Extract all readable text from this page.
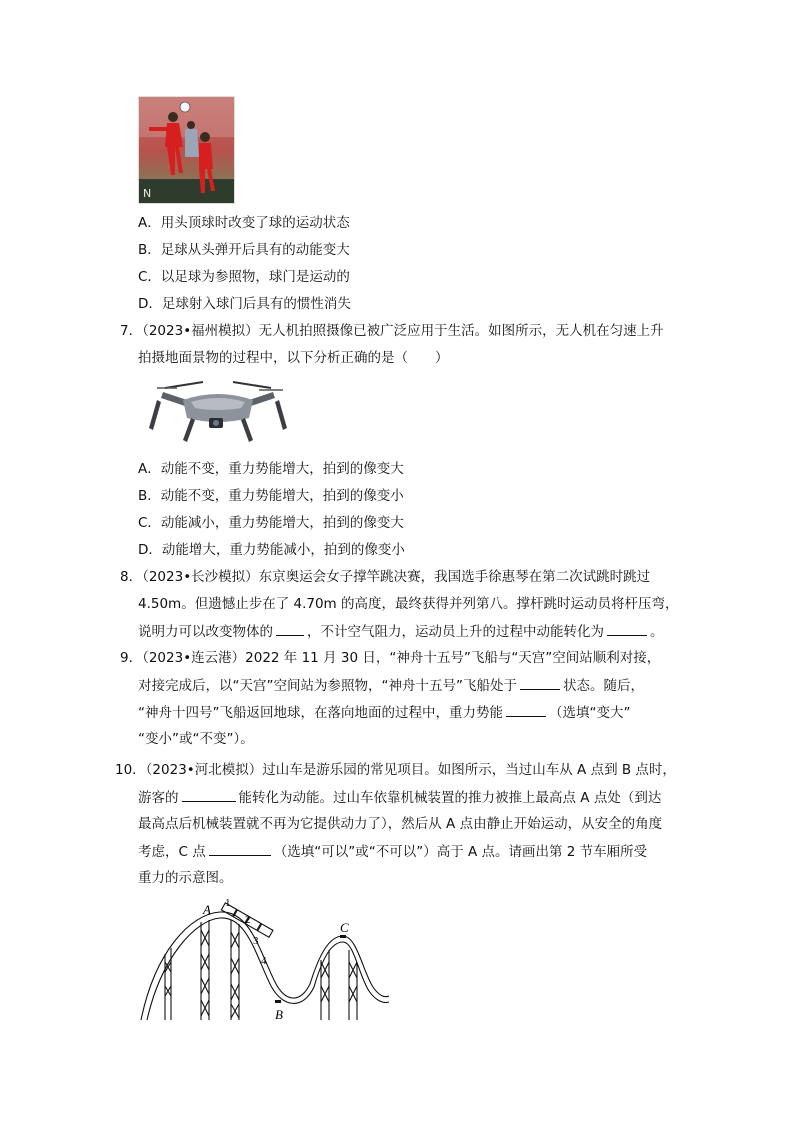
N
A．用头顶球时改变了球的运动状态
B．足球从头弹开后具有的动能变大
C．以足球为参照物，球门是运动的
D．足球射入球门后具有的惯性消失
7．（2023•福州模拟）无人机拍照摄像已被广泛应用于生活。如图所示，无人机在匀速上升
拍摄地面景物的过程中，以下分析正确的是（　　）
A．动能不变，重力势能增大，拍到的像变大
B．动能不变，重力势能增大，拍到的像变小
C．动能减小，重力势能增大，拍到的像变大
D．动能增大，重力势能减小，拍到的像变小
8．（2023•长沙模拟）东京奥运会女子撑竿跳决赛，我国选手徐惠琴在第二次试跳时跳过
4.50m。但遗憾止步在了 4.70m 的高度，最终获得并列第八。撑杆跳时运动员将杆压弯，
说明力可以改变物体的	，不计空气阻力，运动员上升的过程中动能转化为	。
9．（2023•连云港）2022 年 11 月 30 日，“神舟十五号”飞船与“天宫”空间站顺利对接，
对接完成后，以“天宫”空间站为参照物，“神舟十五号”飞船处于	状态。随后，
“神舟十四号”飞船返回地球，在落向地面的过程中，重力势能	（选填“变大”
“变小”或“不变”）。
10．（2023•河北模拟）过山车是游乐园的常见项目。如图所示，当过山车从 A 点到 B 点时，
游客的	能转化为动能。过山车依靠机械装置的推力被推上最高点 A 点处（到达
最高点后机械装置就不再为它提供动力了），然后从 A 点由静止开始运动，从安全的角度
考虑，C 点	（选填“可以”或“不可以”）高于 A 点。请画出第 2 节车厢所受
重力的示意图。
A
B
C
1
2
3
4
